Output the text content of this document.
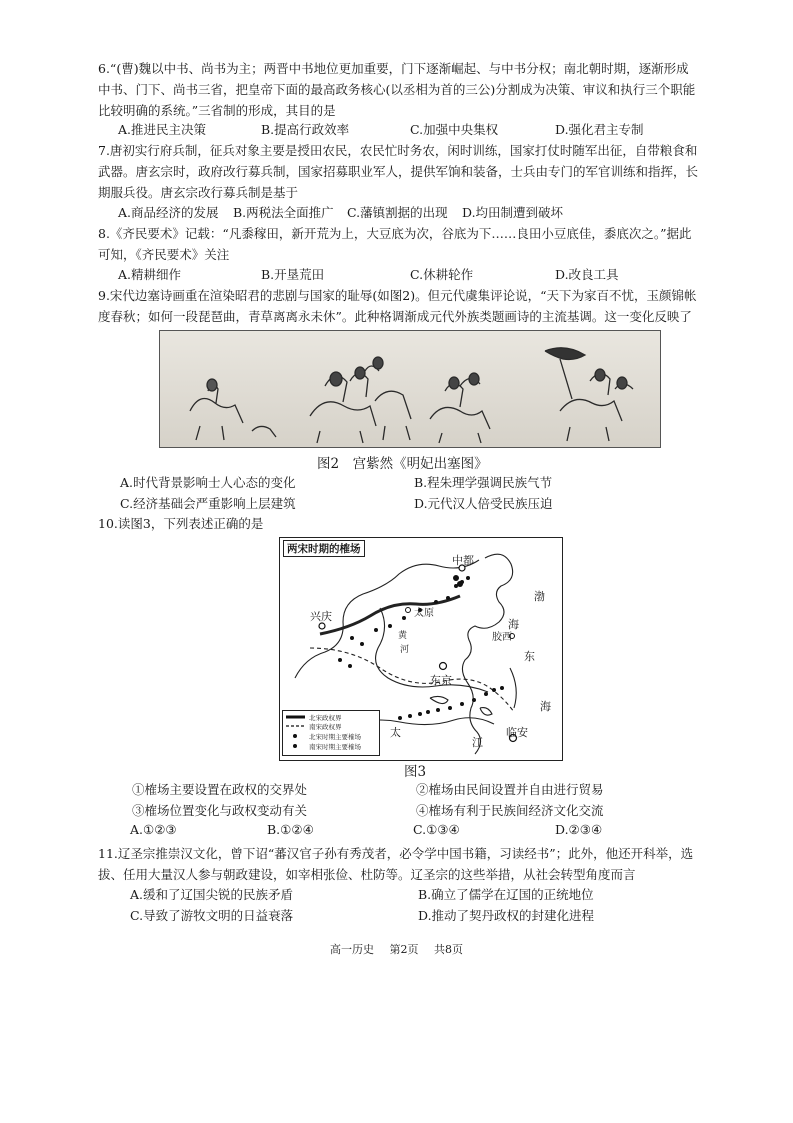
6.“(曹)魏以中书、尚书为主；两晋中书地位更加重要，门下逐渐崛起、与中书分权；南北朝时期，逐渐形成中书、门下、尚书三省，把皇帝下面的最高政务核心(以丞相为首的三公)分割成为决策、审议和执行三个职能比较明确的系统。”三省制的形成，其目的是
A.推进民主决策	B.提高行政效率	C.加强中央集权	D.强化君主专制
7.唐初实行府兵制，征兵对象主要是授田农民，农民忙时务农，闲时训练，国家打仗时随军出征，自带粮食和武器。唐玄宗时，政府改行募兵制，国家招募职业军人，提供军饷和装备，士兵由专门的军官训练和指挥，长期服兵役。唐玄宗改行募兵制是基于
A.商品经济的发展 B.两税法全面推广 C.藩镇割据的出现 D.均田制遭到破坏
8.《齐民要术》记载：“凡黍稼田，新开荒为上，大豆底为次，谷底为下……良田小豆底佳，黍底次之。”据此可知，《齐民要术》关注
A.精耕细作	B.开垦荒田	C.休耕轮作	D.改良工具
9.宋代边塞诗画重在渲染昭君的悲剧与国家的耻辱(如图2)。但元代虞集评论说，“天下为家百不忧，玉颜锦帐度春秋；如何一段琵琶曲，青草离离永未休”。此种格调渐成元代外族类题画诗的主流基调。这一变化反映了
图2　宫紫然《明妃出塞图》
A.时代背景影响士人心态的变化	B.程朱理学强调民族气节
C.经济基础会严重影响上层建筑	D.元代汉人倍受民族压迫
10.读图3，下列表述正确的是
两宋时期的榷场
中都
兴庆	太原
渤
海
胶西
东
海
东京
临安
太
江
黄
河
北宋政权界
南宋政权界
北宋时期主要榷场
南宋时期主要榷场
图3
①榷场主要设置在政权的交界处	②榷场由民间设置并自由进行贸易
③榷场位置变化与政权变动有关	④榷场有利于民族间经济文化交流
A.①②③	B.①②④	C.①③④	D.②③④
11.辽圣宗推崇汉文化，曾下诏“蕃汉官子孙有秀茂者，必令学中国书籍，习读经书”；此外，他还开科举，选拔、任用大量汉人参与朝政建设，如宰相张俭、杜防等。辽圣宗的这些举措，从社会转型角度而言
A.缓和了辽国尖锐的民族矛盾	B.确立了儒学在辽国的正统地位
C.导致了游牧文明的日益衰落	D.推动了契丹政权的封建化进程
高一历史 第2页 共8页
